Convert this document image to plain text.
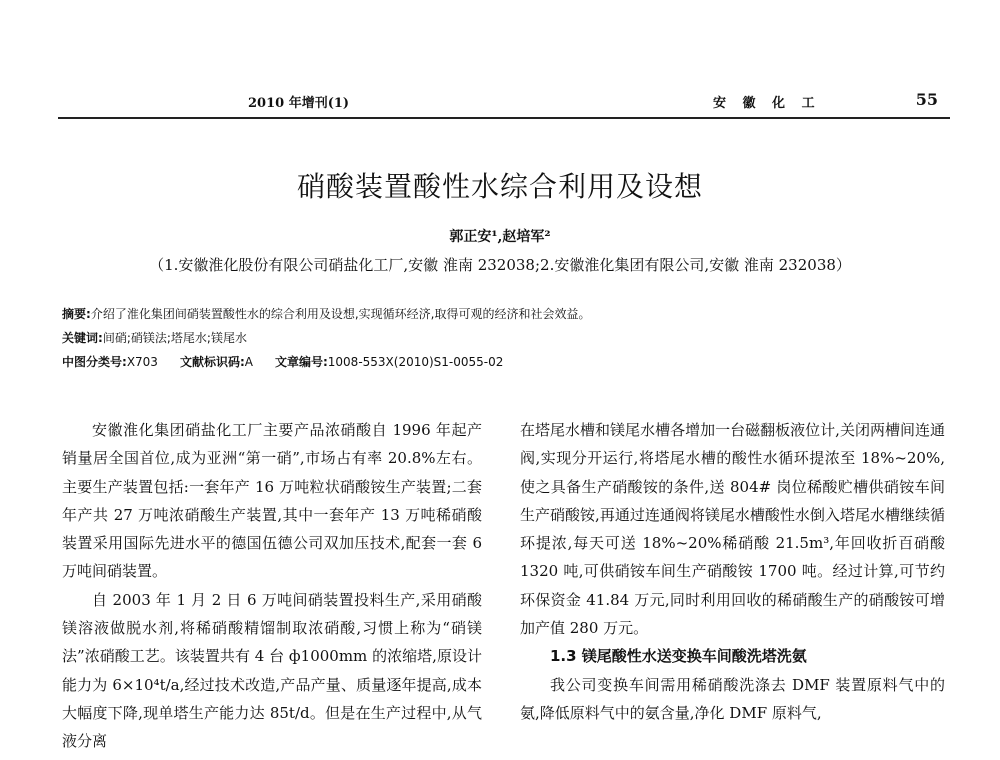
2010 年增刊(1)	安 徽 化 工	55
硝酸装置酸性水综合利用及设想
郭正安¹,赵培军²
（1.安徽淮化股份有限公司硝盐化工厂,安徽 淮南 232038;2.安徽淮化集团有限公司,安徽 淮南 232038）
摘要:介绍了淮化集团间硝装置酸性水的综合利用及设想,实现循环经济,取得可观的经济和社会效益。
关键词:间硝;硝镁法;塔尾水;镁尾水
中图分类号:X703 文献标识码:A 文章编号:1008-553X(2010)S1-0055-02

安徽淮化集团硝盐化工厂主要产品浓硝酸自 1996 年起产销量居全国首位,成为亚洲“第一硝”,市场占有率 20.8%左右。主要生产装置包括:一套年产 16 万吨粒状硝酸铵生产装置;二套年产共 27 万吨浓硝酸生产装置,其中一套年产 13 万吨稀硝酸装置采用国际先进水平的德国伍德公司双加压技术,配套一套 6 万吨间硝装置。

自 2003 年 1 月 2 日 6 万吨间硝装置投料生产,采用硝酸镁溶液做脱水剂,将稀硝酸精馏制取浓硝酸,习惯上称为“硝镁法”浓硝酸工艺。该装置共有 4 台 ф1000mm 的浓缩塔,原设计能力为 6×10⁴t/a,经过技术改造,产品产量、质量逐年提高,成本大幅度下降,现单塔生产能力达 85t/d。但是在生产过程中,从气液分离

在塔尾水槽和镁尾水槽各增加一台磁翻板液位计,关闭两槽间连通阀,实现分开运行,将塔尾水槽的酸性水循环提浓至 18%~20%,使之具备生产硝酸铵的条件,送 804# 岗位稀酸贮槽供硝铵车间生产硝酸铵,再通过连通阀将镁尾水槽酸性水倒入塔尾水槽继续循环提浓,每天可送 18%~20%稀硝酸 21.5m³,年回收折百硝酸 1320 吨,可供硝铵车间生产硝酸铵 1700 吨。经过计算,可节约环保资金 41.84 万元,同时利用回收的稀硝酸生产的硝酸铵可增加产值 280 万元。

1.3 镁尾酸性水送变换车间酸洗塔洗氨

我公司变换车间需用稀硝酸洗涤去 DMF 装置原料气中的氨,降低原料气中的氨含量,净化 DMF 原料气,
